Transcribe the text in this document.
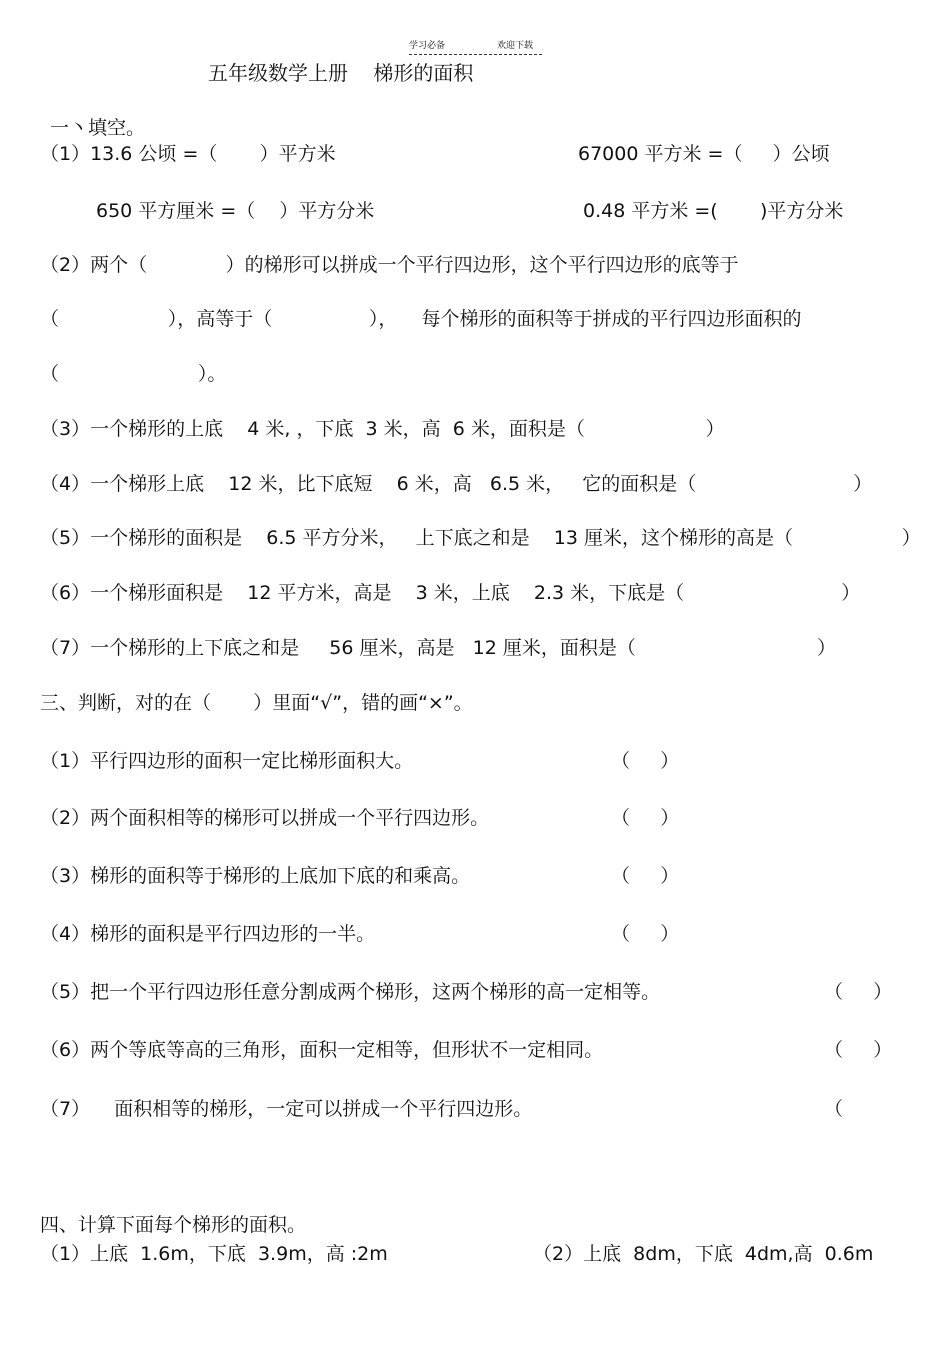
学习必备	欢迎下载
五年级数学上册    梯形的面积
一丶填空。
（1）13.6 公顷 =（       ）平方米	67000 平方米 =（     ）公顷
650 平方厘米 =（    ）平方分米	0.48 平方米 =(       )平方分米
（2）两个（             ）的梯形可以拼成一个平行四边形，这个平行四边形的底等于
（                  ），高等于（                ），    每个梯形的面积等于拼成的平行四边形面积的
（                       ）。
（3）一个梯形的上底    4 米, ，下底  3 米，高  6 米，面积是（                    ）
（4）一个梯形上底    12 米，比下底短    6 米，高   6.5 米，   它的面积是（                          ）
（5）一个梯形的面积是    6.5 平方分米，   上下底之和是    13 厘米，这个梯形的高是（                  ）
（6）一个梯形面积是    12 平方米，高是    3 米，上底    2.3 米，下底是（                          ）
（7）一个梯形的上下底之和是     56 厘米，高是   12 厘米，面积是（                              ）
三、判断，对的在（       ）里面“√”，错的画“×”。
（1）平行四边形的面积一定比梯形面积大。	（     ）
（2）两个面积相等的梯形可以拼成一个平行四边形。	（     ）
（3）梯形的面积等于梯形的上底加下底的和乘高。	（     ）
（4）梯形的面积是平行四边形的一半。	（     ）
（5）把一个平行四边形任意分割成两个梯形，这两个梯形的高一定相等。	（     ）
（6）两个等底等高的三角形，面积一定相等，但形状不一定相同。	（     ）
（7）    面积相等的梯形，一定可以拼成一个平行四边形。	（
四、计算下面每个梯形的面积。
（1）上底  1.6m，下底  3.9m，高 :2m	（2）上底  8dm，下底  4dm,高  0.6m
